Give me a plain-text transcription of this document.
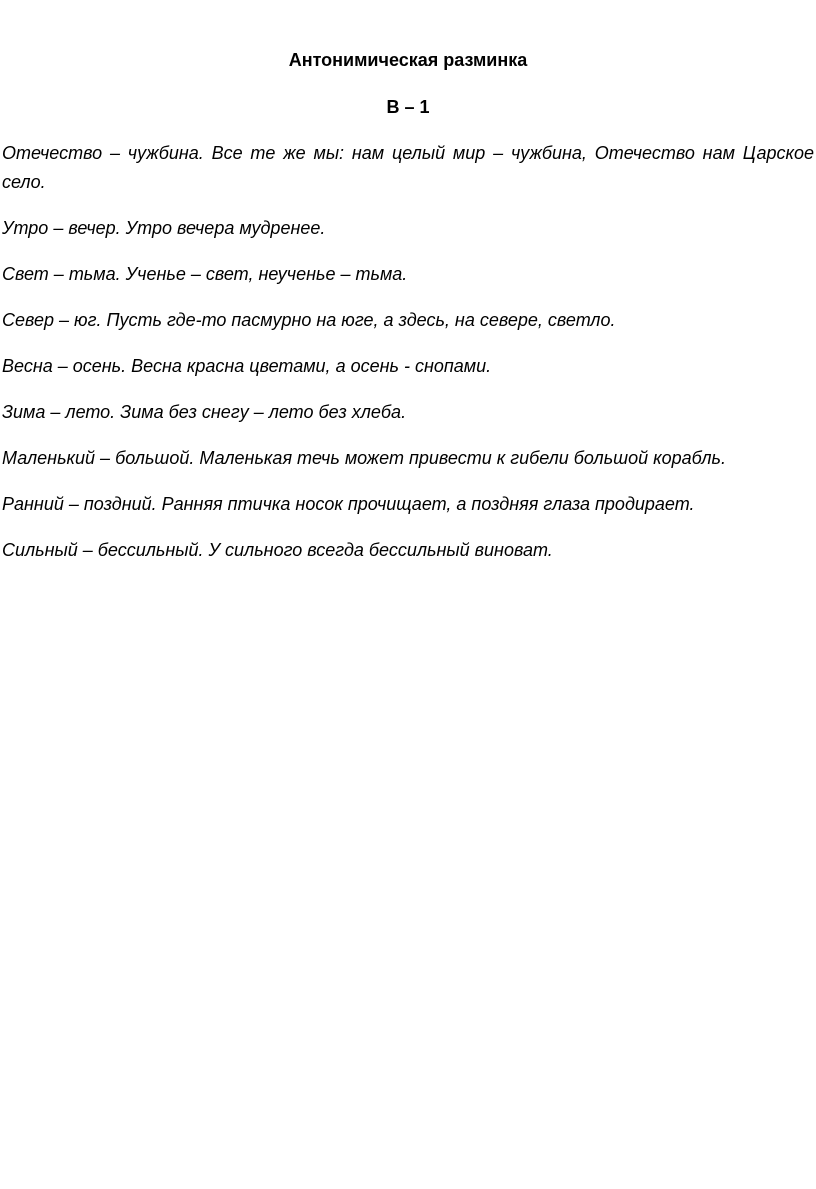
Антонимическая разминка
В – 1
Отечество – чужбина. Все те же мы: нам целый мир – чужбина, Отечество нам Царское село.
Утро – вечер. Утро вечера мудренее.
Свет – тьма. Ученье – свет, неученье – тьма.
Север – юг. Пусть где-то пасмурно на юге, а здесь, на севере, светло.
Весна – осень. Весна красна цветами, а осень - снопами.
Зима – лето. Зима без снегу – лето без хлеба.
Маленький – большой. Маленькая течь может привести к гибели большой корабль.
Ранний – поздний. Ранняя птичка носок прочищает, а поздняя глаза продирает.
Сильный – бессильный. У сильного всегда бессильный виноват.
